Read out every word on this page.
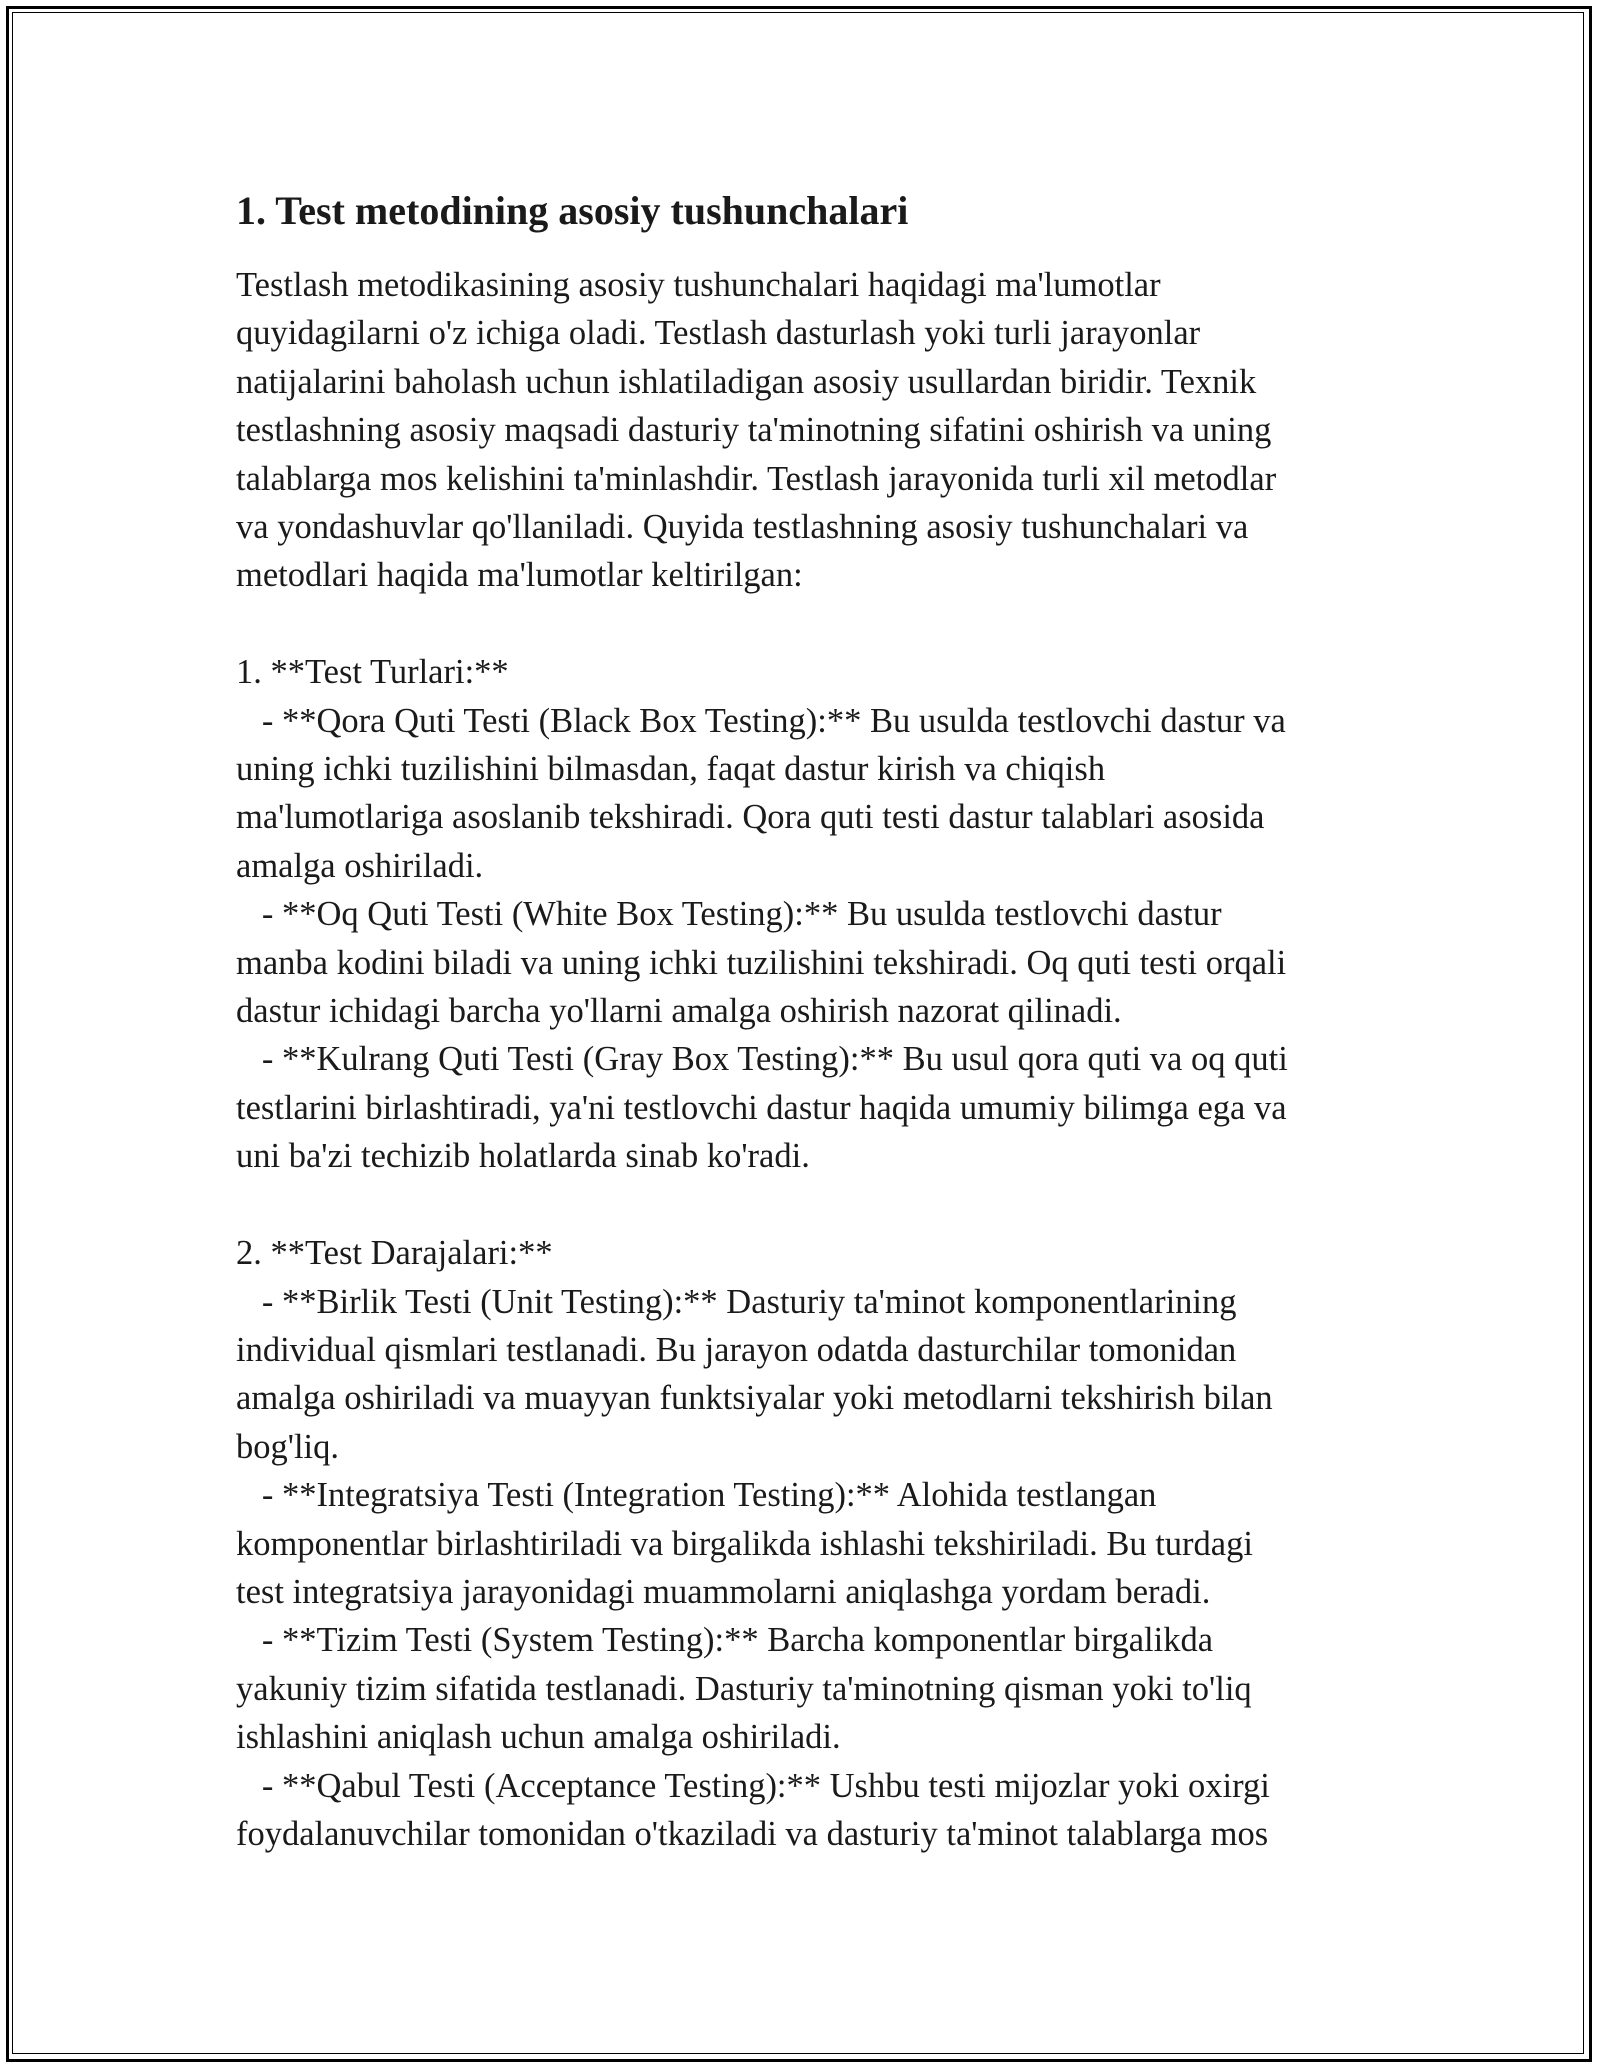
1. Test metodining asosiy tushunchalari
Testlash metodikasining asosiy tushunchalari haqidagi ma'lumotlar
quyidagilarni o'z ichiga oladi. Testlash dasturlash yoki turli jarayonlar
natijalarini baholash uchun ishlatiladigan asosiy usullardan biridir. Texnik
testlashning asosiy maqsadi dasturiy ta'minotning sifatini oshirish va uning
talablarga mos kelishini ta'minlashdir. Testlash jarayonida turli xil metodlar
va yondashuvlar qo'llaniladi. Quyida testlashning asosiy tushunchalari va
metodlari haqida ma'lumotlar keltirilgan:
1. **Test Turlari:**
- **Qora Quti Testi (Black Box Testing):** Bu usulda testlovchi dastur va
uning ichki tuzilishini bilmasdan, faqat dastur kirish va chiqish
ma'lumotlariga asoslanib tekshiradi. Qora quti testi dastur talablari asosida
amalga oshiriladi.
- **Oq Quti Testi (White Box Testing):** Bu usulda testlovchi dastur
manba kodini biladi va uning ichki tuzilishini tekshiradi. Oq quti testi orqali
dastur ichidagi barcha yo'llarni amalga oshirish nazorat qilinadi.
- **Kulrang Quti Testi (Gray Box Testing):** Bu usul qora quti va oq quti
testlarini birlashtiradi, ya'ni testlovchi dastur haqida umumiy bilimga ega va
uni ba'zi techizib holatlarda sinab ko'radi.
2. **Test Darajalari:**
- **Birlik Testi (Unit Testing):** Dasturiy ta'minot komponentlarining
individual qismlari testlanadi. Bu jarayon odatda dasturchilar tomonidan
amalga oshiriladi va muayyan funktsiyalar yoki metodlarni tekshirish bilan
bog'liq.
- **Integratsiya Testi (Integration Testing):** Alohida testlangan
komponentlar birlashtiriladi va birgalikda ishlashi tekshiriladi. Bu turdagi
test integratsiya jarayonidagi muammolarni aniqlashga yordam beradi.
- **Tizim Testi (System Testing):** Barcha komponentlar birgalikda
yakuniy tizim sifatida testlanadi. Dasturiy ta'minotning qisman yoki to'liq
ishlashini aniqlash uchun amalga oshiriladi.
- **Qabul Testi (Acceptance Testing):** Ushbu testi mijozlar yoki oxirgi
foydalanuvchilar tomonidan o'tkaziladi va dasturiy ta'minot talablarga mos
